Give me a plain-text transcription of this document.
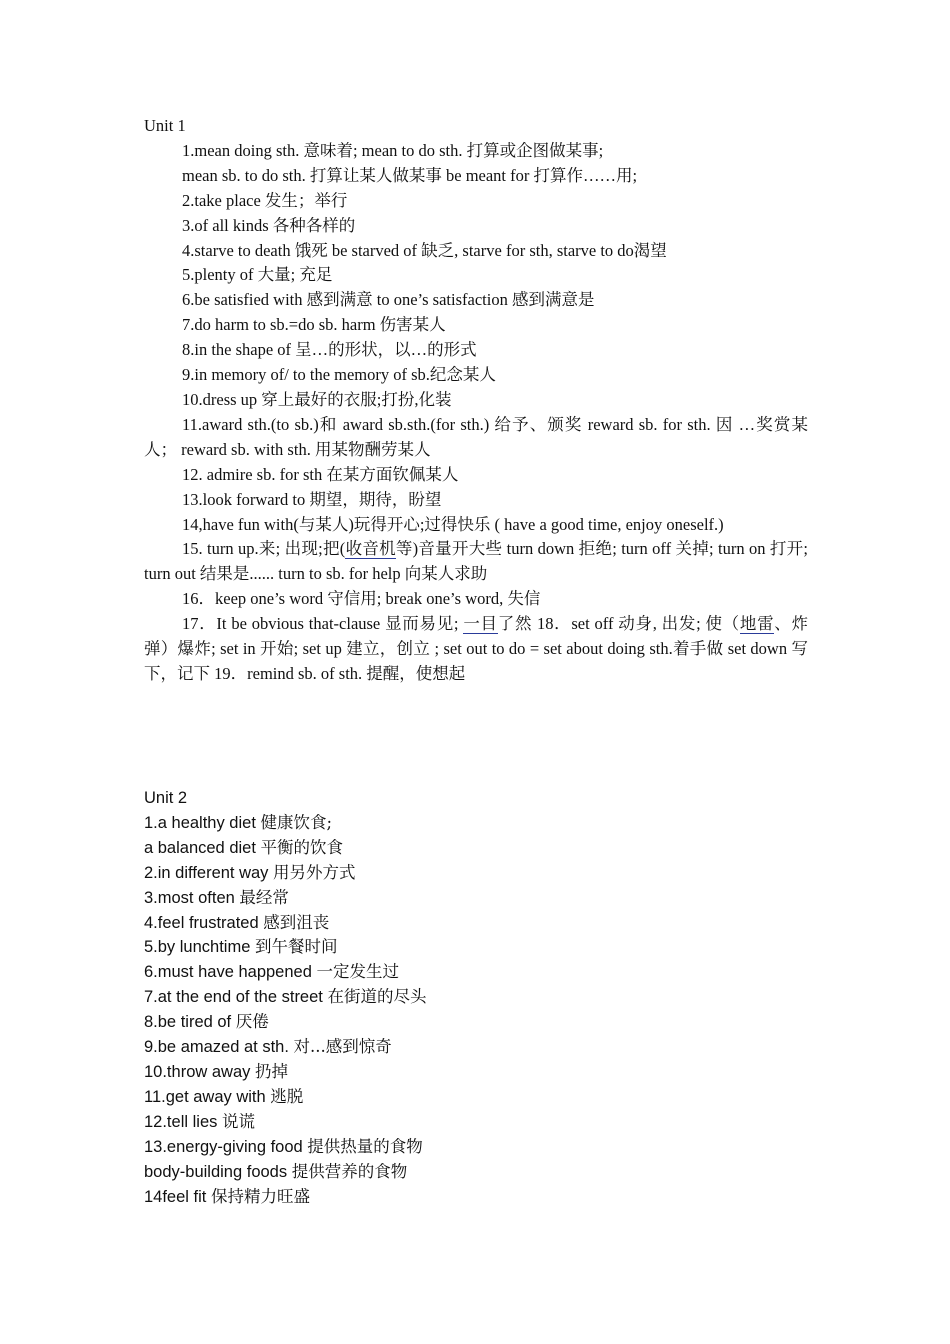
Unit 1
1.mean doing sth. 意味着; mean to do sth. 打算或企图做某事;
mean sb. to do sth. 打算让某人做某事 be meant for 打算作……用;
2.take place 发生；举行
3.of all kinds 各种各样的
4.starve to death 饿死 be starved of 缺乏, starve for sth, starve to do渴望
5.plenty of 大量; 充足
6.be satisfied with 感到满意 to one’s satisfaction 感到满意是
7.do harm to sb.=do sb. harm 伤害某人
8.in the shape of 呈…的形状，以…的形式
9.in memory of/ to the memory of sb.纪念某人
10.dress up 穿上最好的衣服;打扮,化装
11.award sth.(to sb.)和 award sb.sth.(for sth.) 给予、颁奖 reward sb. for sth. 因 …奖赏某人； reward sb. with sth. 用某物酬劳某人
12. admire sb. for sth 在某方面钦佩某人
13.look forward to 期望，期待，盼望
14,have fun with(与某人)玩得开心;过得快乐 ( have a good time, enjoy oneself.)
15. turn up.来; 出现;把(收音机等)音量开大些 turn down 拒绝; turn off 关掉; turn on 打开; turn out 结果是...... turn to sb. for help 向某人求助
16．keep one’s word 守信用; break one’s word, 失信
17．It be obvious that-clause 显而易见; 一目了然 18．set off 动身, 出发; 使（地雷、炸弹）爆炸; set in 开始; set up 建立，创立 ; set out to do = set about doing sth.着手做 set down 写下，记下 19．remind sb. of sth. 提醒，使想起
Unit 2
1.a healthy diet 健康饮食;
a balanced diet 平衡的饮食
2.in different way 用另外方式
3.most often 最经常
4.feel frustrated 感到沮丧
5.by lunchtime 到午餐时间
6.must have happened 一定发生过
7.at the end of the street 在街道的尽头
8.be tired of 厌倦
9.be amazed at sth. 对...感到惊奇
10.throw away 扔掉
11.get away with 逃脱
12.tell lies 说谎
13.energy-giving food 提供热量的食物
body-building foods 提供营养的食物
14feel fit 保持精力旺盛
